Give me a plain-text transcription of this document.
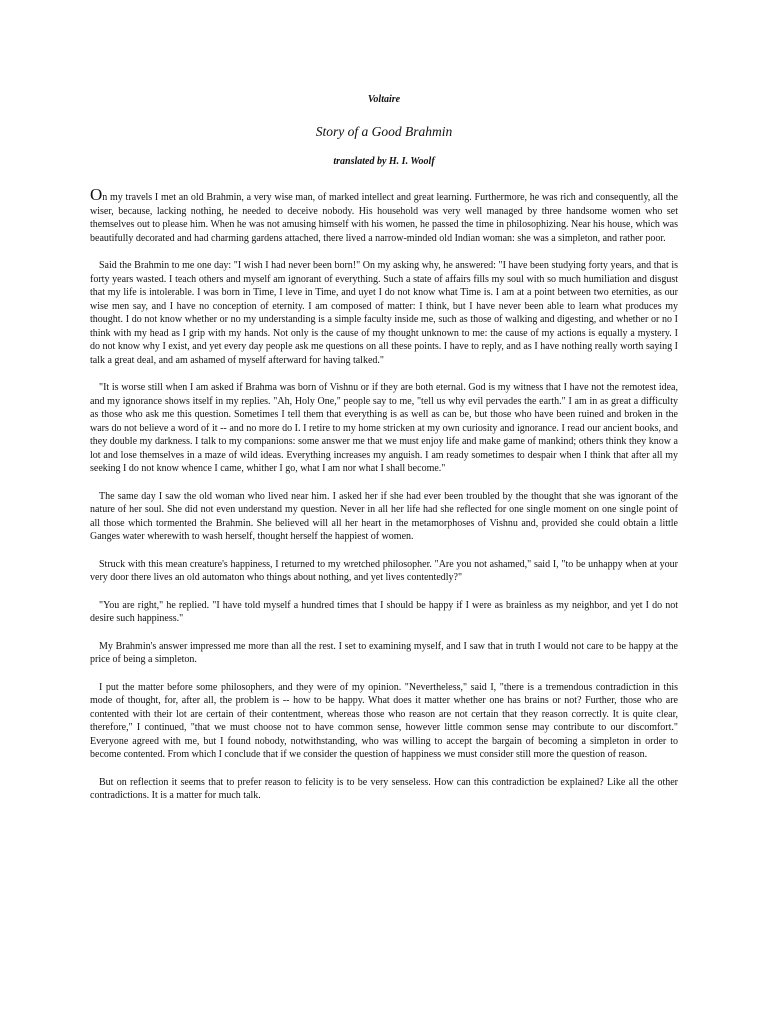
Voltaire
Story of a Good Brahmin
translated by H. I. Woolf

On my travels I met an old Brahmin, a very wise man, of marked intellect and great learning. Furthermore, he was rich and consequently, all the wiser, because, lacking nothing, he needed to deceive nobody. His household was very well managed by three handsome women who set themselves out to please him. When he was not amusing himself with his women, he passed the time in philosophizing. Near his house, which was beautifully decorated and had charming gardens attached, there lived a narrow-minded old Indian woman: she was a simpleton, and rather poor.

Said the Brahmin to me one day: "I wish I had never been born!" On my asking why, he answered: "I have been studying forty years, and that is forty years wasted. I teach others and myself am ignorant of everything. Such a state of affairs fills my soul with so much humiliation and disgust that my life is intolerable. I was born in Time, I leve in Time, and uyet I do not know what Time is. I am at a point between two eternities, as our wise men say, and I have no conception of eternity. I am composed of matter: I think, but I have never been able to learn what produces my thought. I do not know whether or no my understanding is a simple faculty inside me, such as those of walking and digesting, and whether or no I think with my head as I grip with my hands. Not only is the cause of my thought unknown to me: the cause of my actions is equally a mystery. I do not know why I exist, and yet every day people ask me questions on all these points. I have to reply, and as I have nothing really worth saying I talk a great deal, and am ashamed of myself afterward for having talked."

"It is worse still when I am asked if Brahma was born of Vishnu or if they are both eternal. God is my witness that I have not the remotest idea, and my ignorance shows itself in my replies. "Ah, Holy One," people say to me, "tell us why evil pervades the earth." I am in as great a difficulty as those who ask me this question. Sometimes I tell them that everything is as well as can be, but those who have been ruined and broken in the wars do not believe a word of it -- and no more do I. I retire to my home stricken at my own curiosity and ignorance. I read our ancient books, and they double my darkness. I talk to my companions: some answer me that we must enjoy life and make game of mankind; others think they know a lot and lose themselves in a maze of wild ideas. Everything increases my anguish. I am ready sometimes to despair when I think that after all my seeking I do not know whence I came, whither I go, what I am nor what I shall become."

The same day I saw the old woman who lived near him. I asked her if she had ever been troubled by the thought that she was ignorant of the nature of her soul. She did not even understand my question. Never in all her life had she reflected for one single moment on one single point of all those which tormented the Brahmin. She believed will all her heart in the metamorphoses of Vishnu and, provided she could obtain a little Ganges water wherewith to wash herself, thought herself the happiest of women.

Struck with this mean creature's happiness, I returned to my wretched philosopher. "Are you not ashamed," said I, "to be unhappy when at your very door there lives an old automaton who things about nothing, and yet lives contentedly?"

"You are right," he replied. "I have told myself a hundred times that I should be happy if I were as brainless as my neighbor, and yet I do not desire such happiness."

My Brahmin's answer impressed me more than all the rest. I set to examining myself, and I saw that in truth I would not care to be happy at the price of being a simpleton.

I put the matter before some philosophers, and they were of my opinion. "Nevertheless," said I, "there is a tremendous contradiction in this mode of thought, for, after all, the problem is -- how to be happy. What does it matter whether one has brains or not? Further, those who are contented with their lot are certain of their contentment, whereas those who reason are not certain that they reason correctly. It is quite clear, therefore," I continued, "that we must choose not to have common sense, however little common sense may contribute to our discomfort." Everyone agreed with me, but I found nobody, notwithstanding, who was willing to accept the bargain of becoming a simpleton in order to become contented. From which I conclude that if we consider the question of happiness we must consider still more the question of reason.

But on reflection it seems that to prefer reason to felicity is to be very senseless. How can this contradiction be explained? Like all the other contradictions. It is a matter for much talk.
